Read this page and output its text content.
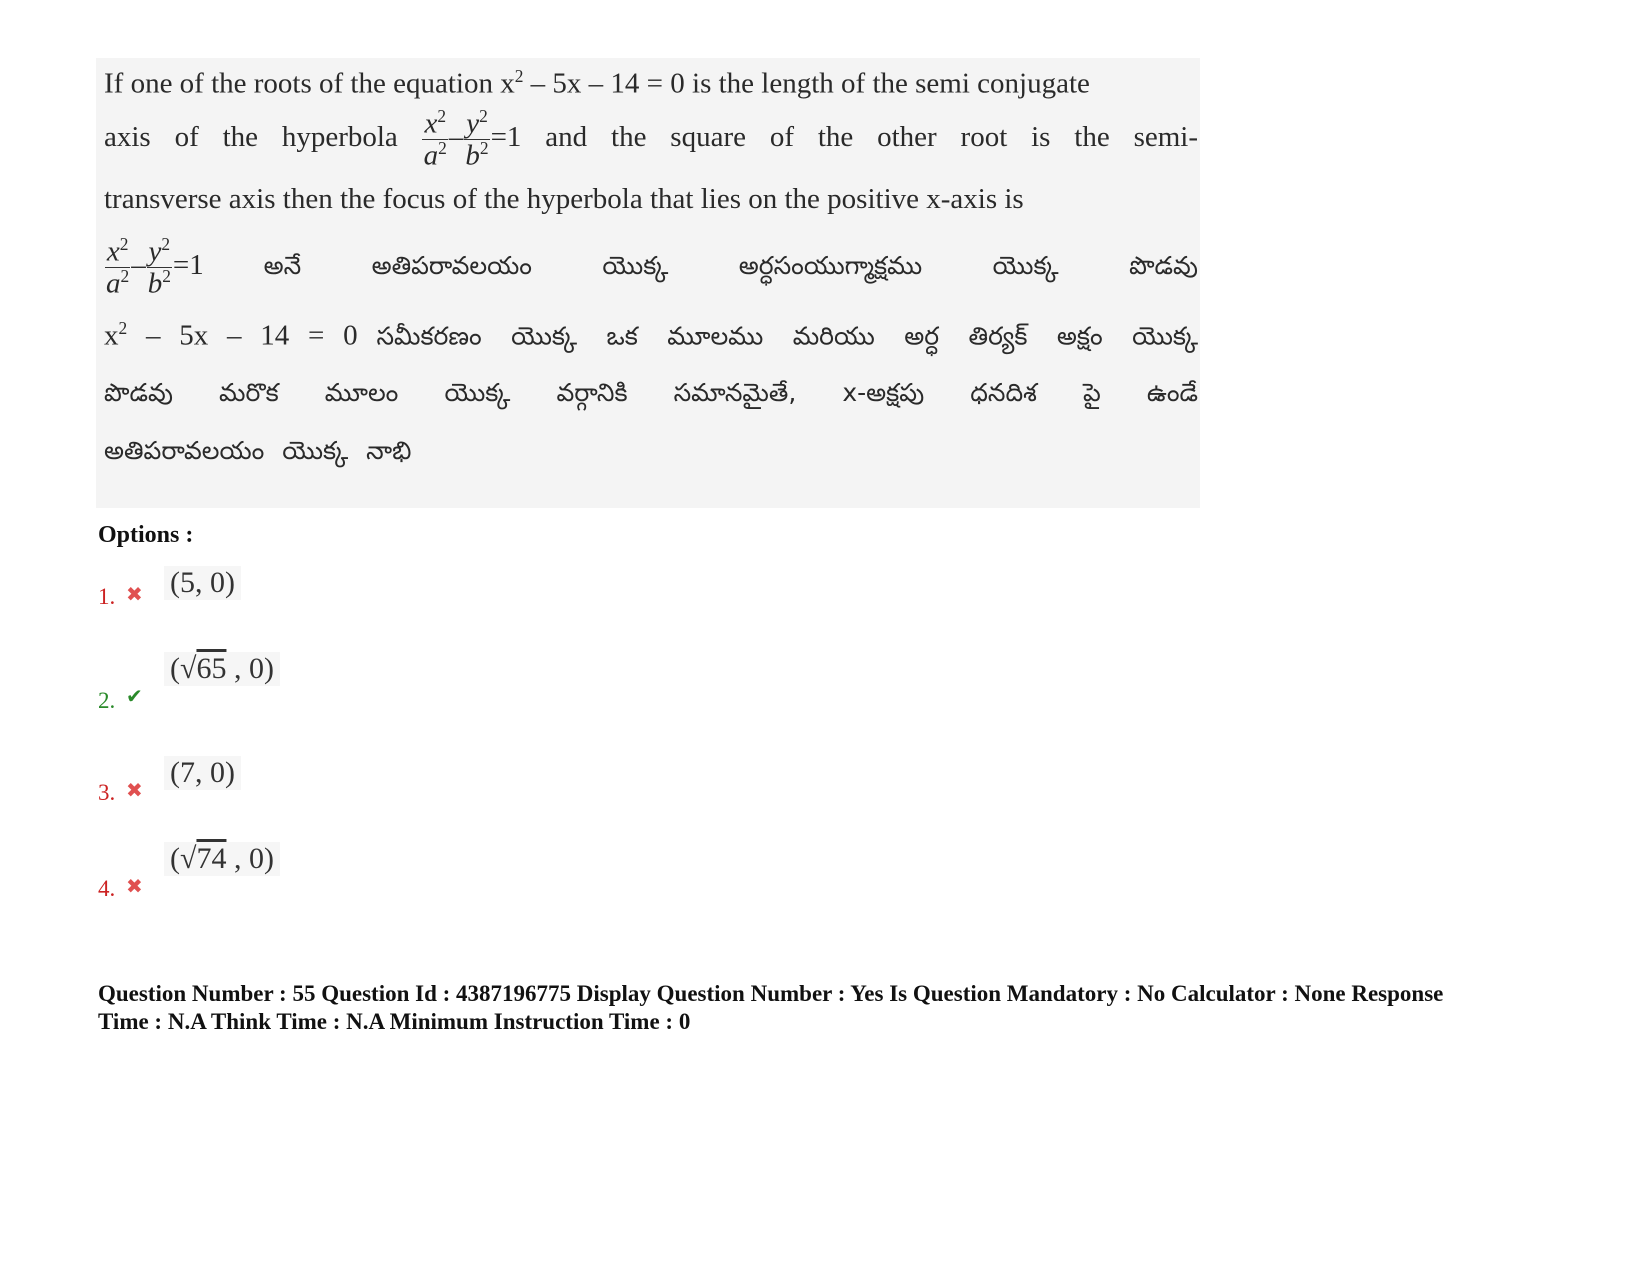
If one of the roots of the equation $x^2 - 5x - 14 = 0$ is the length of the semi conjugate
axis of the hyperbola $\frac{x^2}{a^2} - \frac{y^2}{b^2} =1$ and the square of the other root is the semi-
transverse axis then the focus of the hyperbola that lies on the positive x-axis is
$\frac{x^2}{a^2} - \frac{y^2}{b^2} =1$ అనే అతిపరావలయం యొక్క అర్ధసంయుగ్మాక్షము యొక్క పొడవు
$x^2 - 5x - 14 = 0$ సమీకరణం యొక్క ఒక మూలము మరియు అర్ధ తిర్యక్ అక్షం యొక్క
పొడవు మరొక మూలం యొక్క వర్గానికి సమానమైతే, x-అక్షపు ధనదిశ పై ఉండే
అతిపరావలయం యొక్క నాభి
Options :
1. ✖ (5, 0)
2. ✔
(√65 , 0)
3. ✖
(7, 0)
4. ✖
(√74 , 0)
Question Number : 55 Question Id : 4387196775 Display Question Number : Yes Is Question Mandatory : No Calculator : None Response
Time : N.A Think Time : N.A Minimum Instruction Time : 0
